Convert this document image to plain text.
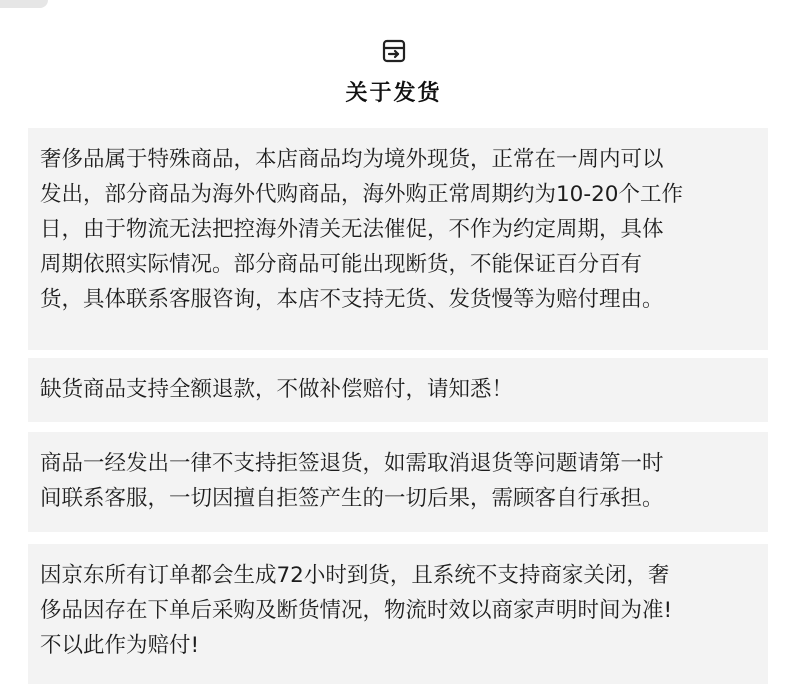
关于发货

奢侈品属于特殊商品，本店商品均为境外现货，正常在一周内可以
发出，部分商品为海外代购商品，海外购正常周期约为10-20个工作
日，由于物流无法把控海外清关无法催促，不作为约定周期，具体
周期依照实际情况。部分商品可能出现断货，不能保证百分百有
货，具体联系客服咨询，本店不支持无货、发货慢等为赔付理由。

缺货商品支持全额退款，不做补偿赔付，请知悉！

商品一经发出一律不支持拒签退货，如需取消退货等问题请第一时
间联系客服，一切因擅自拒签产生的一切后果，需顾客自行承担。

因京东所有订单都会生成72小时到货，且系统不支持商家关闭，奢
侈品因存在下单后采购及断货情况，物流时效以商家声明时间为准!
不以此作为赔付!
